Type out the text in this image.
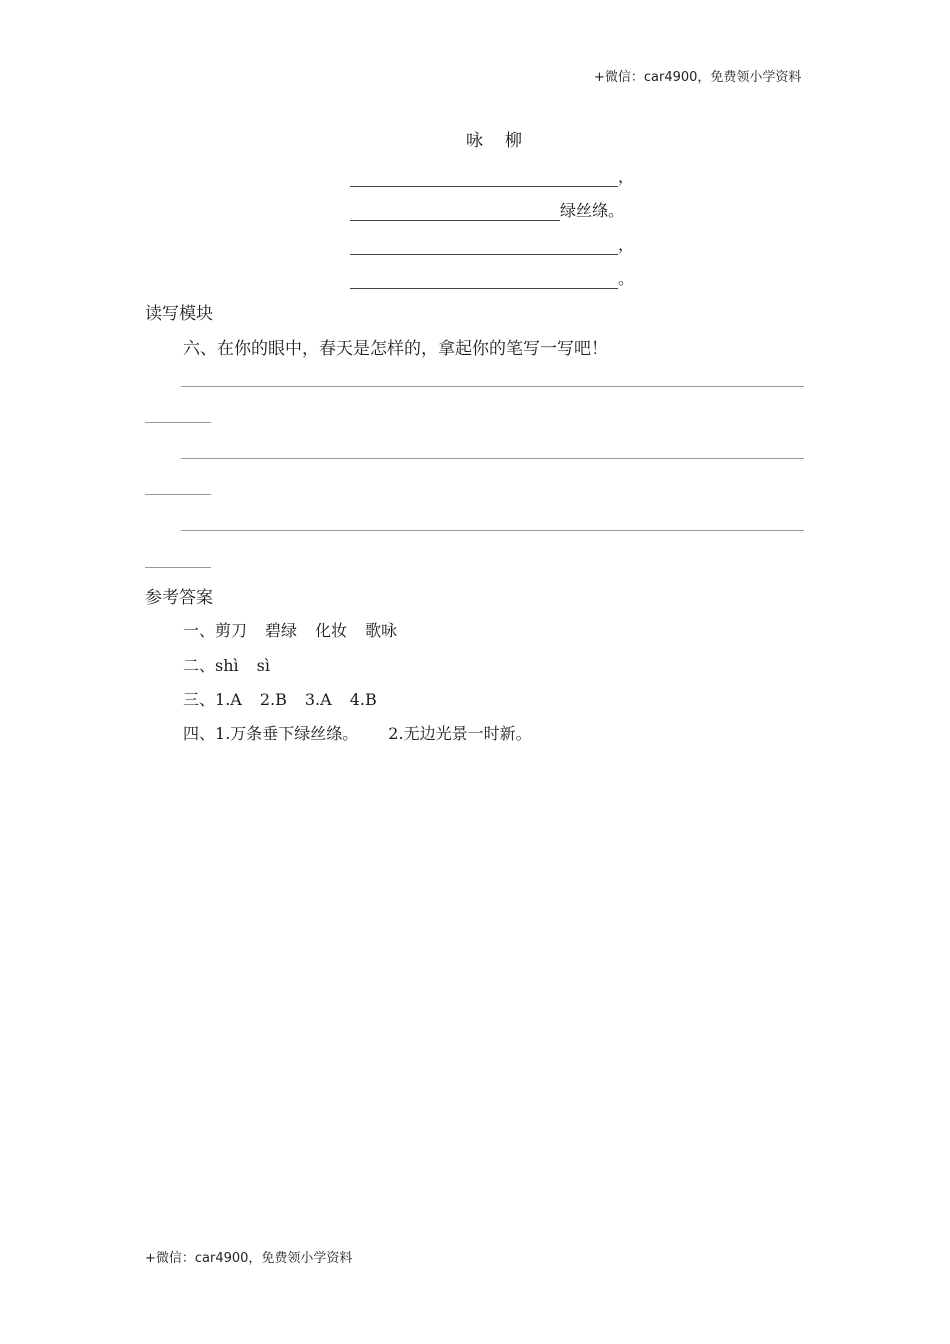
+微信：car4900，免费领小学资料
咏 柳
，
绿丝绦。
，
。
读写模块
六、在你的眼中，春天是怎样的，拿起你的笔写一写吧！
参考答案
一、剪刀 碧绿 化妆 歌咏
二、shì sì
三、1.A 2.B 3.A 4.B
四、1.万条垂下绿丝绦。 2.无边光景一时新。
+微信：car4900，免费领小学资料
